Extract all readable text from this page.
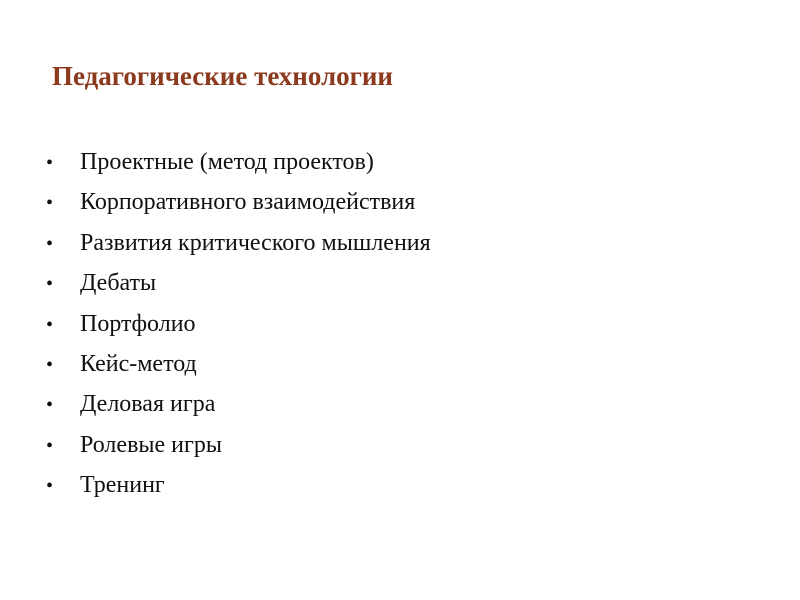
Педагогические технологии
•	Проектные (метод проектов)
•	Корпоративного взаимодействия
•	Развития критического мышления
•	Дебаты
•	Портфолио
•	Кейс-метод
•	Деловая игра
•	Ролевые игры
•	Тренинг
